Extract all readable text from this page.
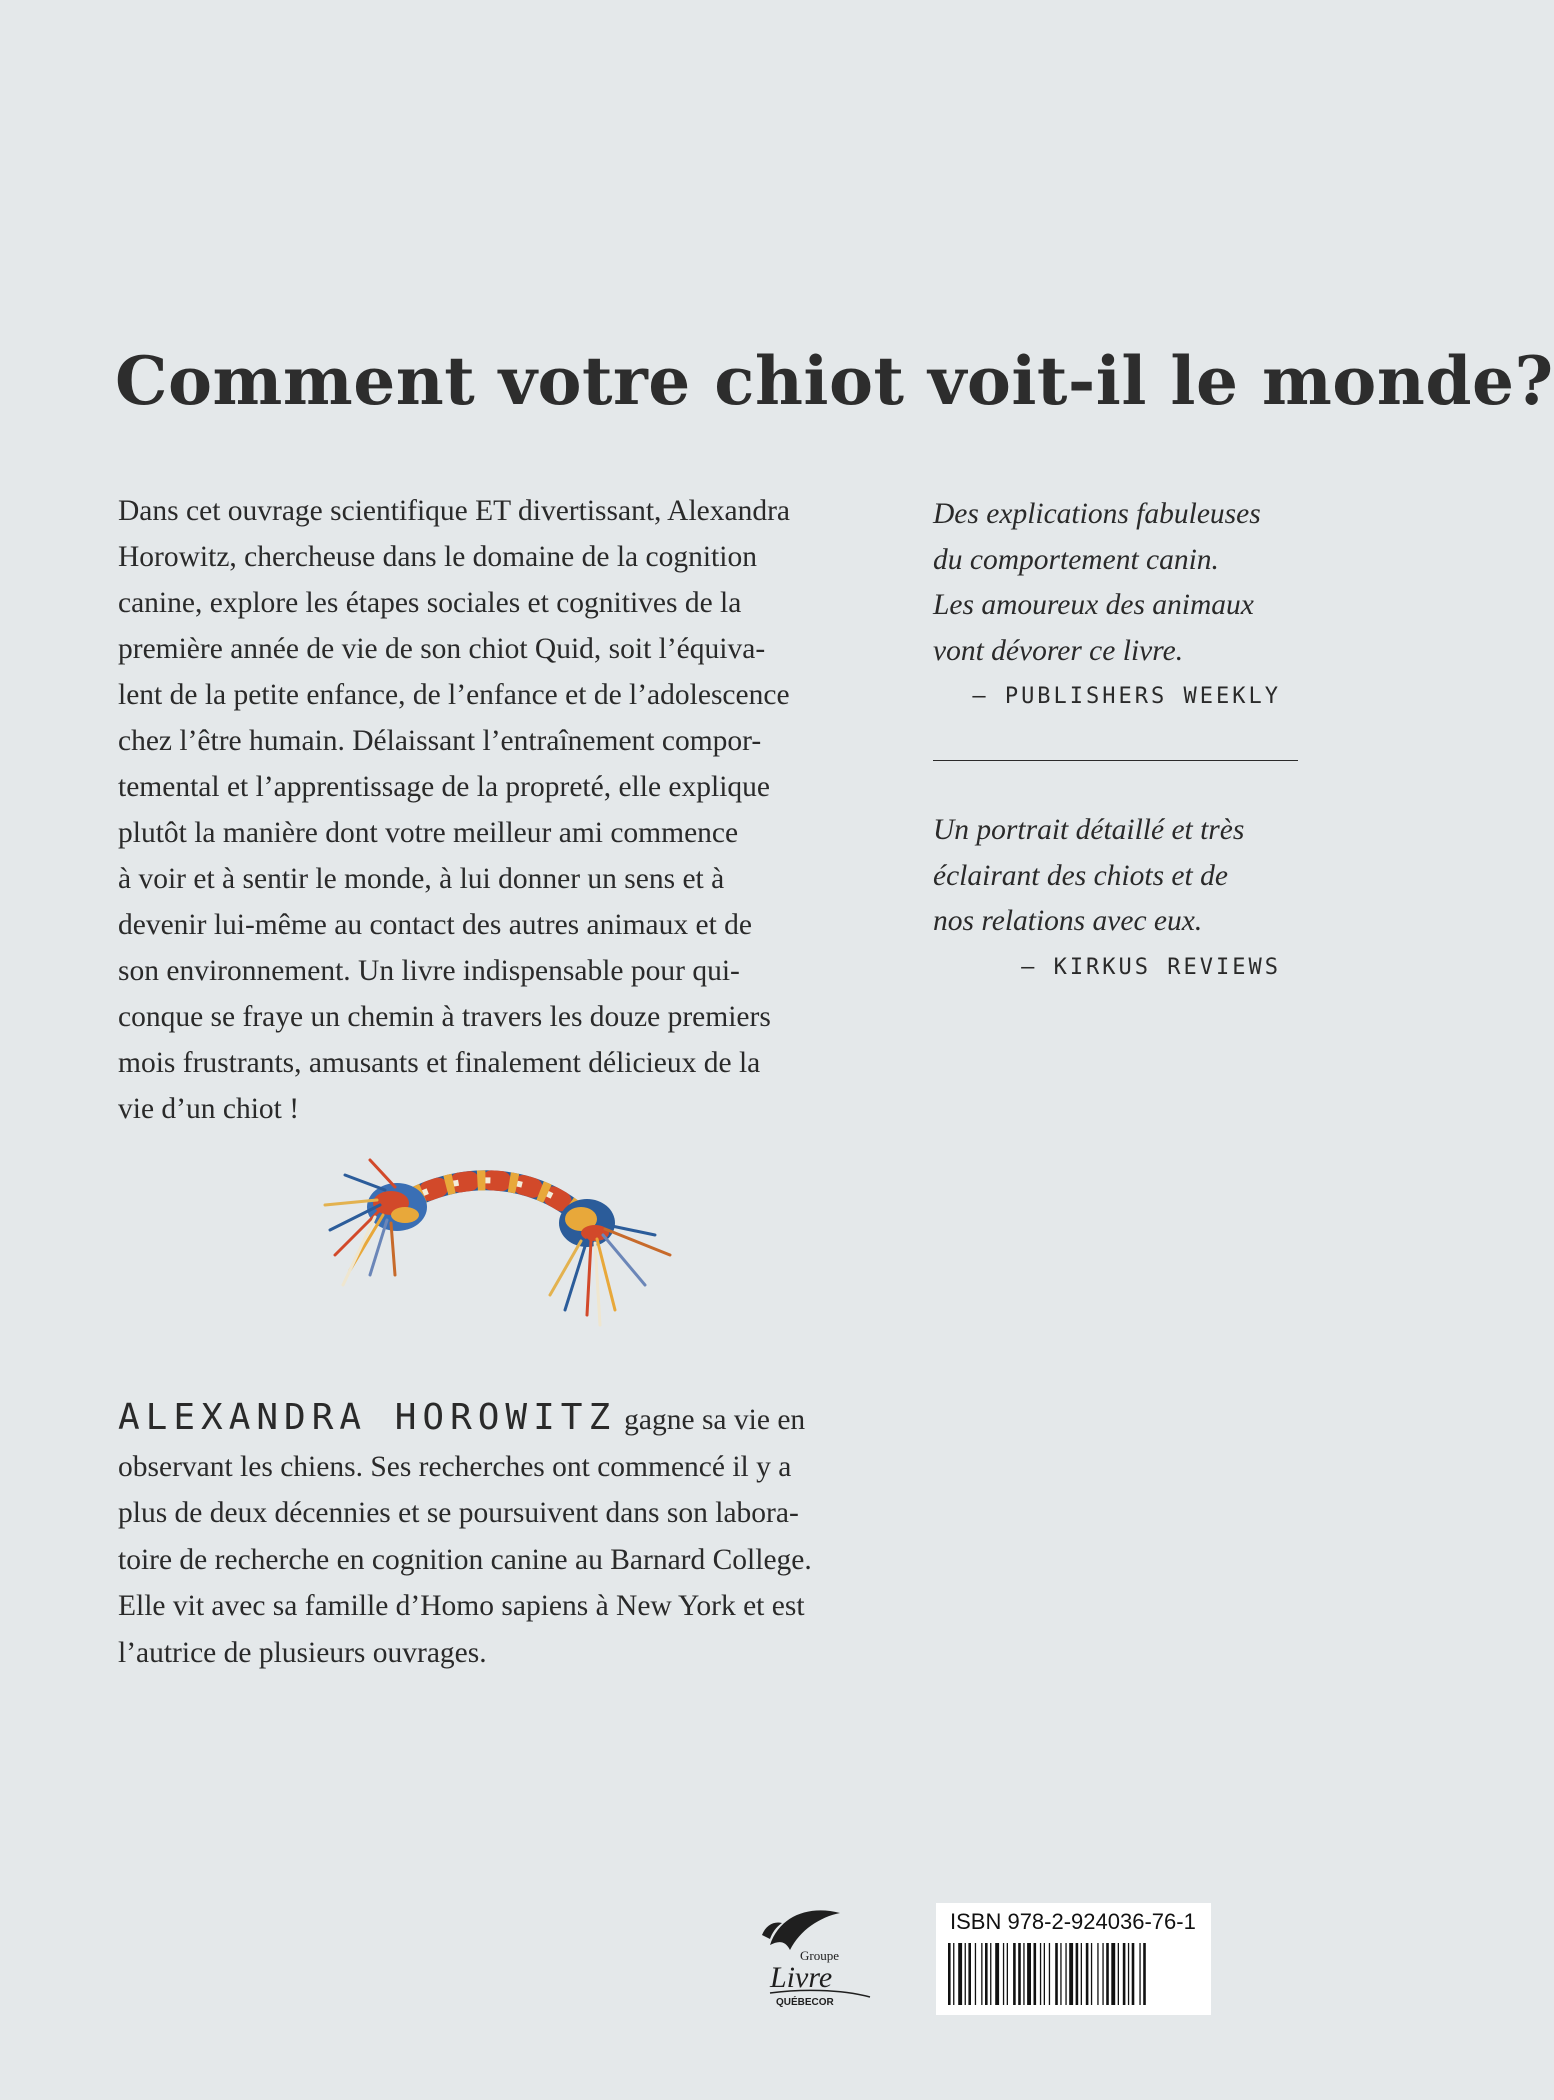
Comment votre chiot voit-il le monde?
Dans cet ouvrage scientifique ET divertissant, Alexandra
Horowitz, chercheuse dans le domaine de la cognition
canine, explore les étapes sociales et cognitives de la
première année de vie de son chiot Quid, soit l’équiva-
lent de la petite enfance, de l’enfance et de l’adolescence
chez l’être humain. Délaissant l’entraînement compor-
temental et l’apprentissage de la propreté, elle explique
plutôt la manière dont votre meilleur ami commence
à voir et à sentir le monde, à lui donner un sens et à
devenir lui-même au contact des autres animaux et de
son environnement. Un livre indispensable pour qui-
conque se fraye un chemin à travers les douze premiers
mois frustrants, amusants et finalement délicieux de la
vie d’un chiot !
Des explications fabuleuses
du comportement canin.
Les amoureux des animaux
vont dévorer ce livre.
— PUBLISHERS WEEKLY
Un portrait détaillé et très
éclairant des chiots et de
nos relations avec eux.
— KIRKUS REVIEWS
ALEXANDRA HOROWITZ gagne sa vie en
observant les chiens. Ses recherches ont commencé il y a
plus de deux décennies et se poursuivent dans son labora-
toire de recherche en cognition canine au Barnard College.
Elle vit avec sa famille d’Homo sapiens à New York et est
l’autrice de plusieurs ouvrages.
Groupe
Livre
QUÉBECOR
ISBN 978-2-924036-76-1
